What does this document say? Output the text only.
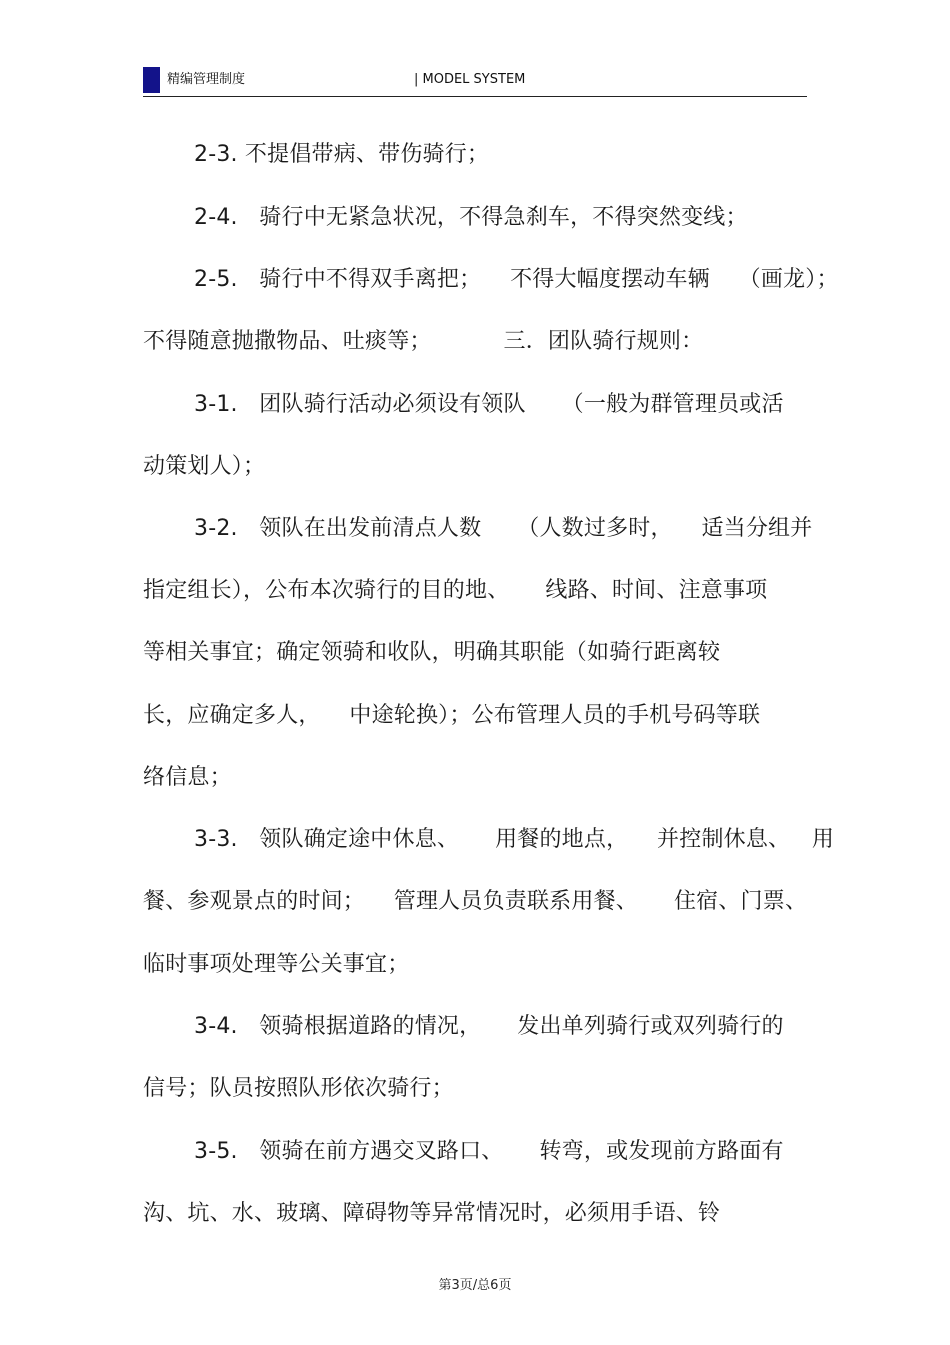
精编管理制度	| MODEL SYSTEM
2-3. 不提倡带病、带伤骑行；
2-4.   骑行中无紧急状况，不得急刹车，不得突然变线；
2-5.   骑行中不得双手离把；    不得大幅度摆动车辆    （画龙）；
不得随意抛撒物品、吐痰等；          三．团队骑行规则：
3-1.   团队骑行活动必须设有领队     （一般为群管理员或活
动策划人）；
3-2.   领队在出发前清点人数     （人数过多时，    适当分组并
指定组长），公布本次骑行的目的地、     线路、时间、注意事项
等相关事宜；确定领骑和收队，明确其职能（如骑行距离较
长，应确定多人，    中途轮换）；公布管理人员的手机号码等联
络信息；
3-3.   领队确定途中休息、     用餐的地点，    并控制休息、   用
餐、参观景点的时间；    管理人员负责联系用餐、     住宿、门票、
临时事项处理等公关事宜；
3-4.   领骑根据道路的情况，     发出单列骑行或双列骑行的
信号；队员按照队形依次骑行；
3-5.   领骑在前方遇交叉路口、     转弯，或发现前方路面有
沟、坑、水、玻璃、障碍物等异常情况时，必须用手语、铃
第3页/总6页
